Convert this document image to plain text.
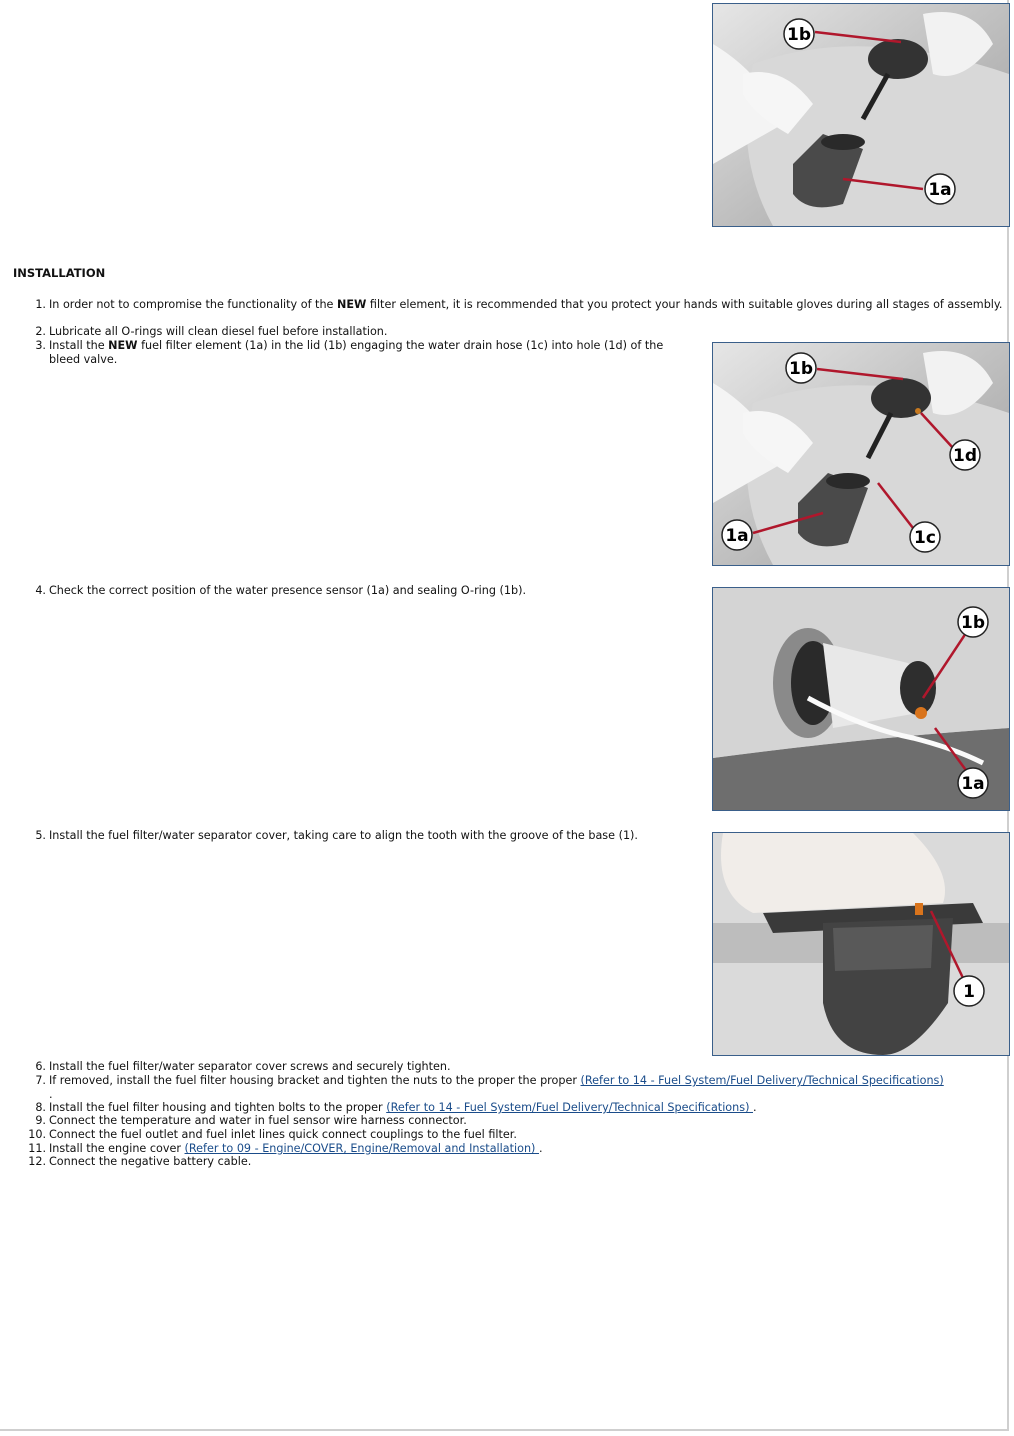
1b
1a
INSTALLATION
1. In order not to compromise the functionality of the NEW filter element, it is recommended that you protect your hands with suitable gloves during all stages of assembly.
2. Lubricate all O-rings will clean diesel fuel before installation.
3. Install the NEW fuel filter element (1a) in the lid (1b) engaging the water drain hose (1c) into hole (1d) of the bleed valve.	1b
1d
1a	1c
4. Check the correct position of the water presence sensor (1a) and sealing O-ring (1b).
1b
1a
5. Install the fuel filter/water separator cover, taking care to align the tooth with the groove of the base (1).
1
6. Install the fuel filter/water separator cover screws and securely tighten.
7. If removed, install the fuel filter housing bracket and tighten the nuts to the proper the proper (Refer to 14 - Fuel System/Fuel Delivery/Technical Specifications)
.
8. Install the fuel filter housing and tighten bolts to the proper (Refer to 14 - Fuel System/Fuel Delivery/Technical Specifications) .
9. Connect the temperature and water in fuel sensor wire harness connector.
10. Connect the fuel outlet and fuel inlet lines quick connect couplings to the fuel filter.
11. Install the engine cover (Refer to 09 - Engine/COVER, Engine/Removal and Installation) .
12. Connect the negative battery cable.
